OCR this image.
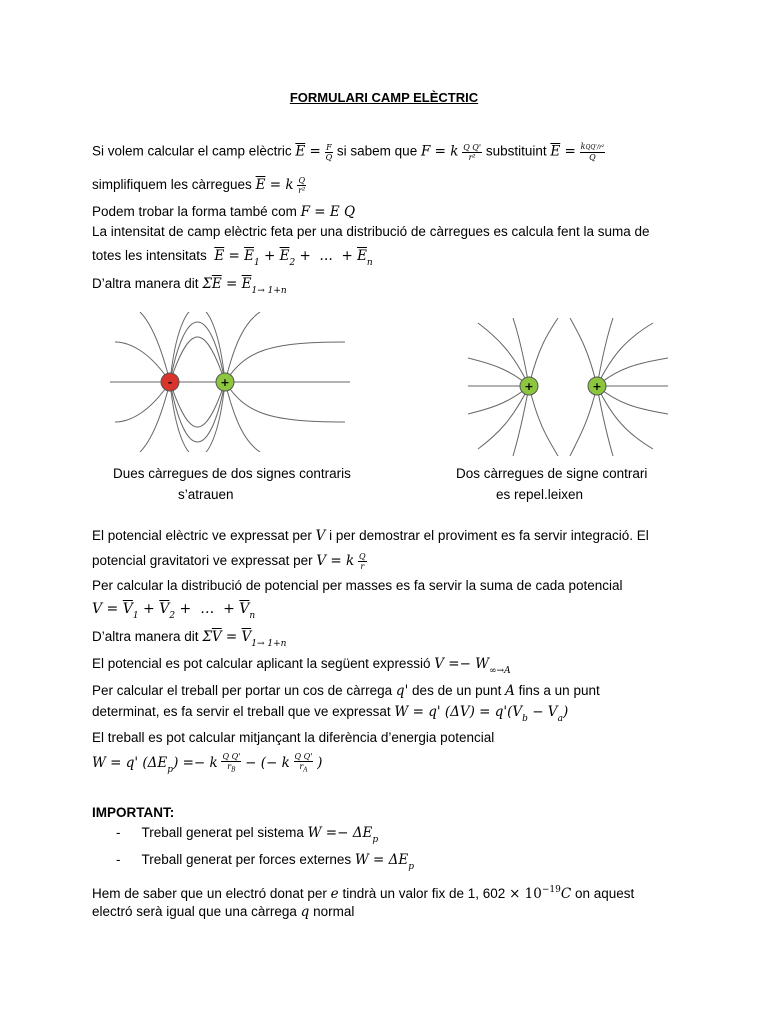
FORMULARI CAMP ELÈCTRIC
Si volem calcular el camp elèctric $\overline{E} = \frac{F}{Q}$ si sabem que F = k $\frac{\text{Q Q'}}{\text{r²}}$ substituint $\overline{E} = \frac{\text{kQQ'/r²}}{Q}$
simplifiquem les càrregues $\overline{E} = k \frac{Q}{\text{r²}}$
Podem trobar la forma també com F = E Q
La intensitat de camp elèctric feta per una distribució de càrregues es calcula fent la suma de
totes les intensitats $\overline{E} = \overline{E}_1 + \overline{E}_2$ +  …  + $\overline{E}_n$
D’altra manera dit $\Sigma\overline{E} = \overline{E}_{1\to 1+n}$
-	+	+	+
Dues càrregues de dos signes contraris
s’atrauen
Dos càrregues de signe contrari
es repel.leixen
El potencial elèctric ve expressat per V i per demostrar el proviment es fa servir integració. El
potencial gravitatori ve expressat per V = k $\frac{Q}{r}$
Per calcular la distribució de potencial per masses es fa servir la suma de cada potencial
$V = \overline{V}_1 + \overline{V}_2$ +  …  + $\overline{V}_n$
D’altra manera dit $\Sigma\overline{V} = \overline{V}_{1\to 1+n}$
El potencial es pot calcular aplicant la següent expressió $V =- W_{\infty\to A}$
Per calcular el treball per portar un cos de càrrega q' des de un punt A fins a un punt
determinat, es fa servir el treball que ve expressat W = q' $(\Delta V) = q'(V_b - V_a)$
El treball es pot calcular mitjançant la diferència d’energia potencial
W = q' $(\Delta E_p) =- k \frac{\text{Q Q'}}{r_B}$ − (− k $\frac{\text{Q Q'}}{r_A}$ )
IMPORTANT:
- Treball generat pel sistema $W =- \Delta E_p$
- Treball generat per forces externes $W = \Delta E_p$
Hem de saber que un electró donat per e tindrà un valor fix de 1, $602 \times 10^{-19}C$ on aquest
electró serà igual que una càrrega q normal
